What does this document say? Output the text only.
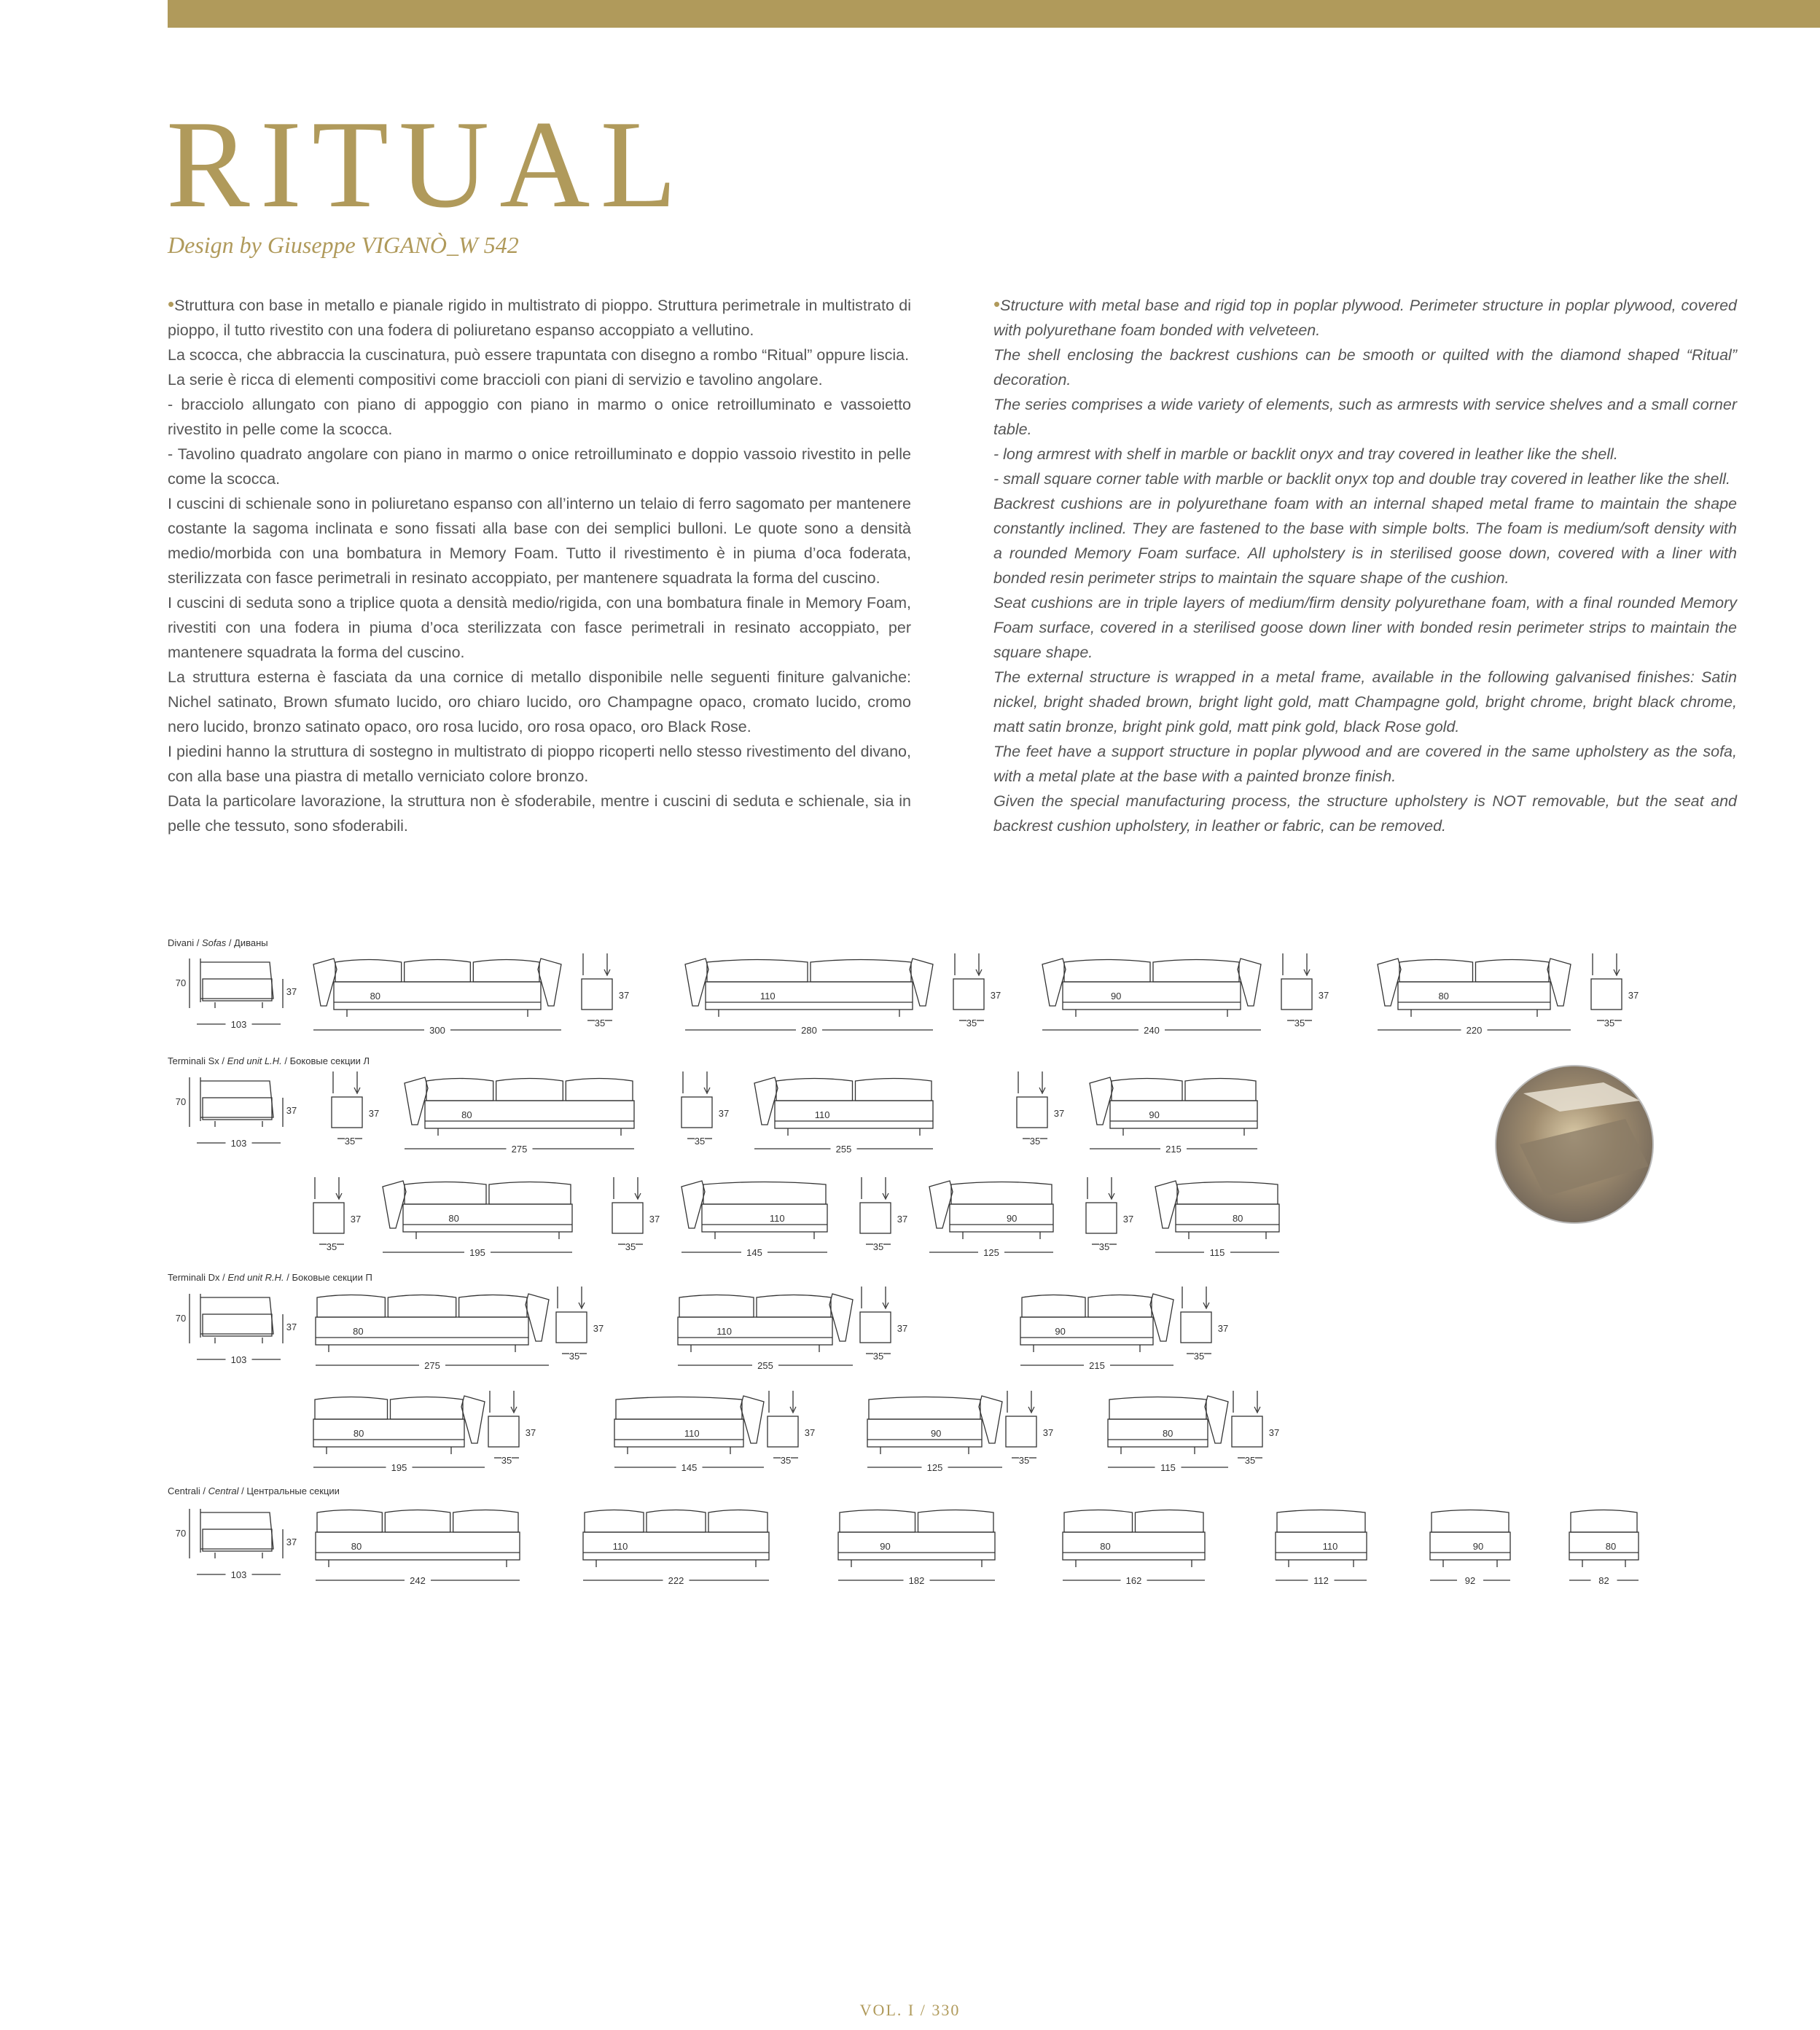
RITUAL
Design by Giuseppe VIGANÒ_W 542

•Struttura con base in metallo e pianale rigido in multistrato di pioppo. Struttura perimetrale in multistrato di pioppo, il tutto rivestito con una fodera di poliuretano espanso accoppiato a vellutino.

La scocca, che abbraccia la cuscinatura, può essere trapuntata con disegno a rombo “Ritual” oppure liscia.

La serie è ricca di elementi compositivi come braccioli con piani di servizio e tavolino angolare.

- bracciolo allungato con piano di appoggio con piano in marmo o onice retroilluminato e vassoietto rivestito in pelle come la scocca.

- Tavolino quadrato angolare con piano in marmo o onice retroilluminato e doppio vassoio rivestito in pelle come la scocca.

I cuscini di schienale sono in poliuretano espanso con all’interno un telaio di ferro sagomato per mantenere costante la sagoma inclinata e sono fissati alla base con dei semplici bulloni. Le quote sono a densità medio/morbida con una bombatura in Memory Foam. Tutto il rivestimento è in piuma d’oca foderata, sterilizzata con fasce perimetrali in resinato accoppiato, per mantenere squadrata la forma del cuscino.

I cuscini di seduta sono a triplice quota a densità medio/rigida, con una bombatura finale in Memory Foam, rivestiti con una fodera in piuma d’oca sterilizzata con fasce perimetrali in resinato accoppiato, per mantenere squadrata la forma del cuscino.

La struttura esterna è fasciata da una cornice di metallo disponibile nelle seguenti finiture galvaniche: Nichel satinato, Brown sfumato lucido, oro chiaro lucido, oro Champagne opaco, cromato lucido, cromo nero lucido, bronzo satinato opaco, oro rosa lucido, oro rosa opaco, oro Black Rose.

I piedini hanno la struttura di sostegno in multistrato di pioppo ricoperti nello stesso rivestimento del divano, con alla base una piastra di metallo verniciato colore bronzo.

Data la particolare lavorazione, la struttura non è sfoderabile, mentre i cuscini di seduta e schienale, sia in pelle che tessuto, sono sfoderabili.

•Structure with metal base and rigid top in poplar plywood. Perimeter structure in poplar plywood, covered with polyurethane foam bonded with velveteen.

The shell enclosing the backrest cushions can be smooth or quilted with the diamond shaped “Ritual” decoration.

The series comprises a wide variety of elements, such as armrests with service shelves and a small corner table.

- long armrest with shelf in marble or backlit onyx and tray covered in leather like the shell.

- small square corner table with marble or backlit onyx top and double tray covered in leather like the shell.

Backrest cushions are in polyurethane foam with an internal shaped metal frame to maintain the shape constantly inclined. They are fastened to the base with simple bolts. The foam is medium/soft density with a rounded Memory Foam surface. All upholstery is in sterilised goose down, covered with a liner with bonded resin perimeter strips to maintain the square shape of the cushion.

Seat cushions are in triple layers of medium/firm density polyurethane foam, with a final rounded Memory Foam surface, covered in a sterilised goose down liner with bonded resin perimeter strips to maintain the square shape.

The external structure is wrapped in a metal frame, available in the following galvanised finishes: Satin nickel, bright shaded brown, bright light gold, matt Champagne gold, bright chrome, bright black chrome, matt satin bronze, bright pink gold, matt pink gold, black Rose gold.

The feet have a support structure in poplar plywood and are covered in the same upholstery as the sofa, with a metal plate at the base with a painted bronze finish.

Given the special manufacturing process, the structure upholstery is NOT removable, but the seat and backrest cushion upholstery, in leather or fabric, can be removed.

Divani / Sofas / Диваны
Terminali Sx / End unit L.H. / Боковые секции Л
Terminali Dx / End unit R.H. / Боковые секции П
Centrali / Central / Центральные секции
70
37
103
80
300
37
35
110
280
37
35
90
240
37
35
80
220
37
35
70
37
103
37
35
80
275
37
35
110
255
37
35
90
215
37
35
80
195
37
35
110
145
37
35
90
125
37
35
80
115
70
37
103
80
275
37
35
110
255
37
35
90
215
37
35
80
195
37
35
110
145
37
35
90
125
37
35
80
115
37
35
70
37
103
80
242
110
222
90
182
80
162
110
112
90
92
80
82
VOL. I / 330
